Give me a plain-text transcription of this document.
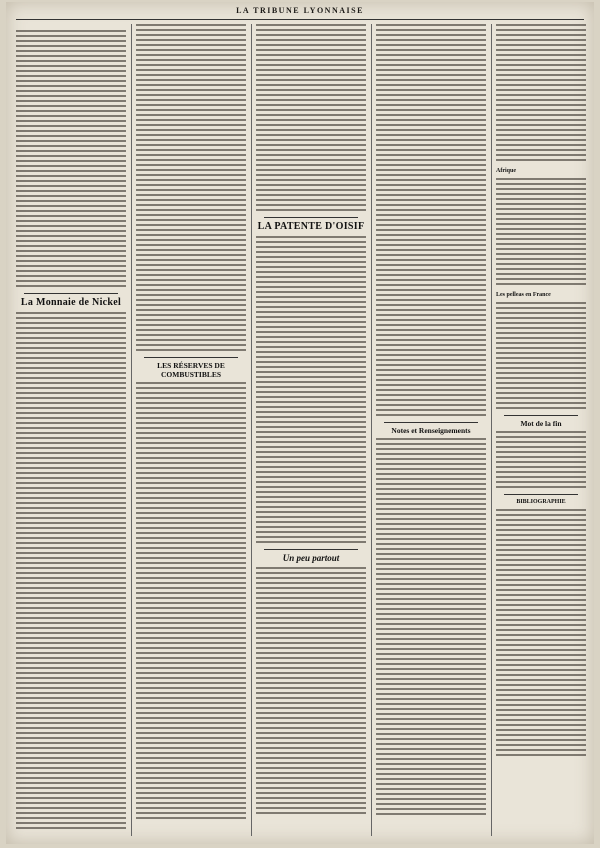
LA TRIBUNE LYONNAISE

La Monnaie de Nickel
LES RÉSERVES DE COMBUSTIBLES
LA PATENTE D'OISIF
Un peu partout
Notes et Renseignements
Afrique
Les pelleas en France
Mot de la fin
BIBLIOGRAPHIE
